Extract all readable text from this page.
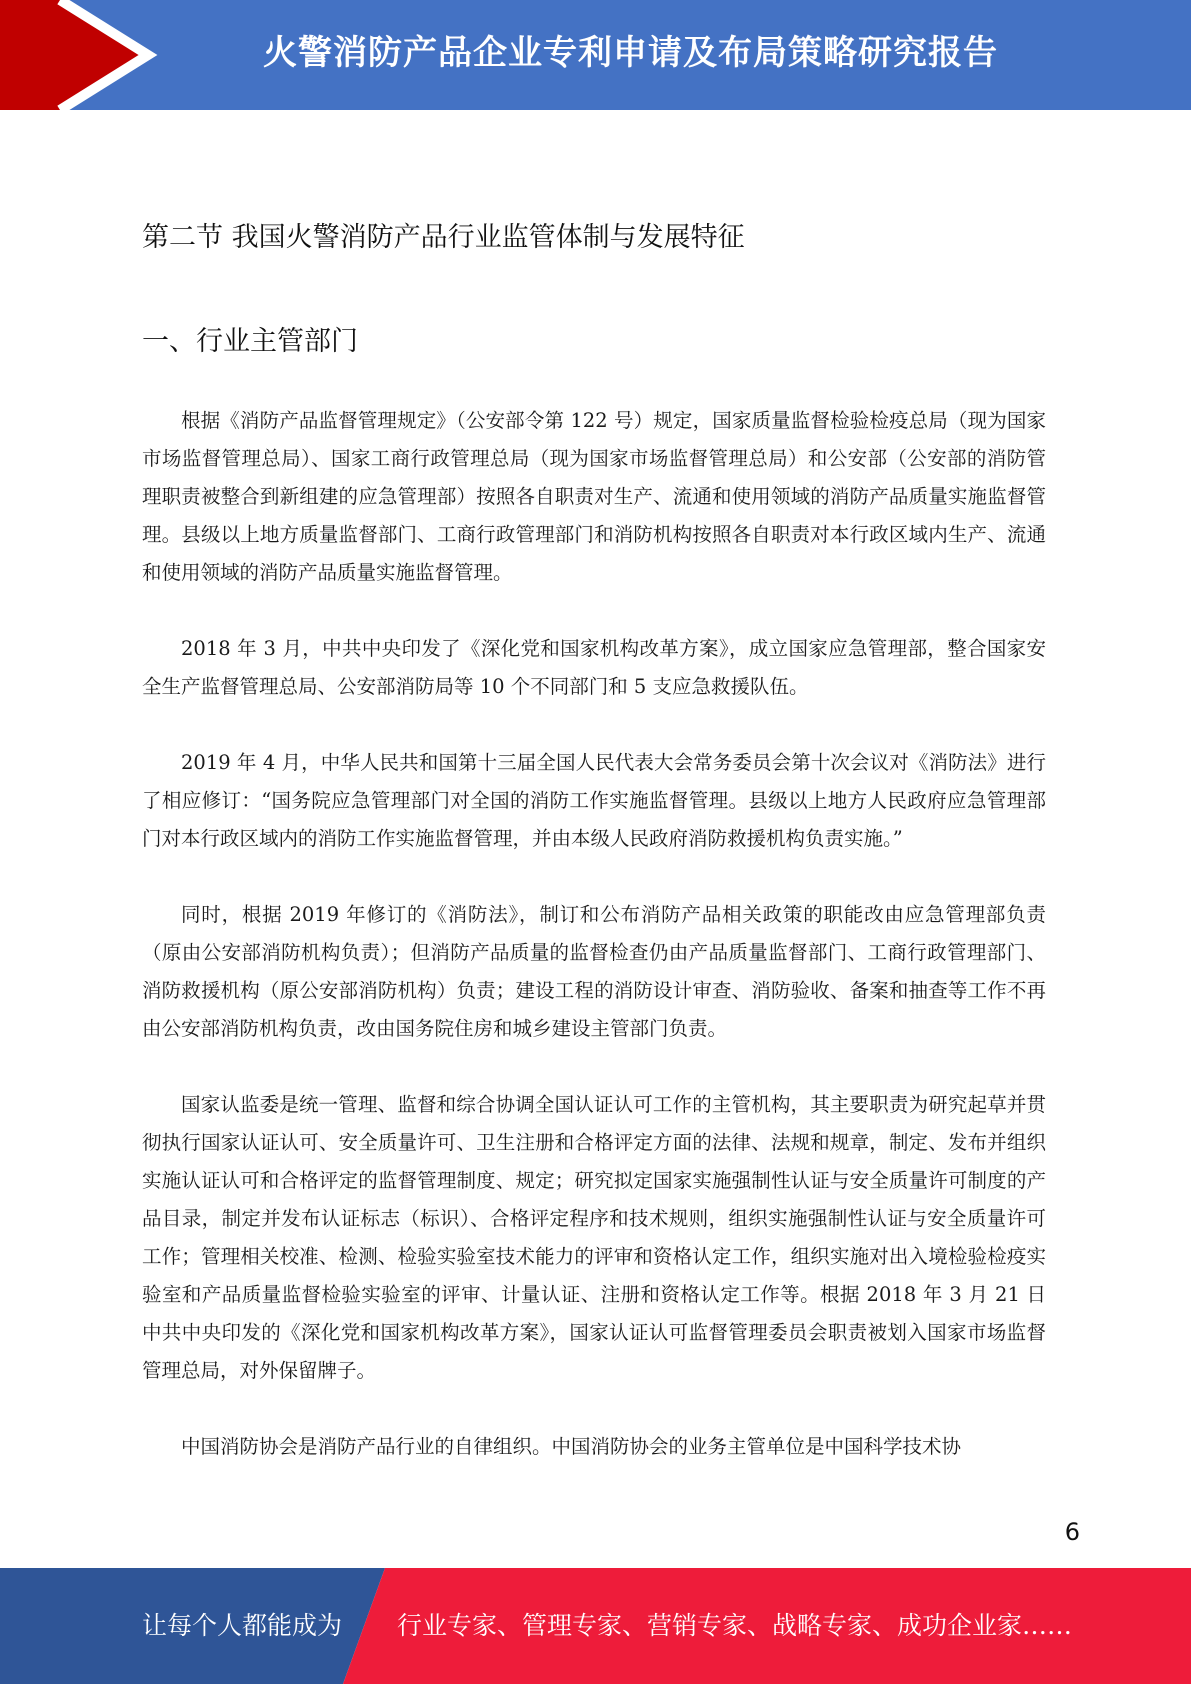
火警消防产品企业专利申请及布局策略研究报告
第二节 我国火警消防产品行业监管体制与发展特征
一、行业主管部门

根据《消防产品监督管理规定》（公安部令第 122 号）规定，国家质量监督检验检疫总局（现为国家市场监督管理总局）、国家工商行政管理总局（现为国家市场监督管理总局）和公安部（公安部的消防管理职责被整合到新组建的应急管理部）按照各自职责对生产、流通和使用领域的消防产品质量实施监督管理。县级以上地方质量监督部门、工商行政管理部门和消防机构按照各自职责对本行政区域内生产、流通和使用领域的消防产品质量实施监督管理。

2018 年 3 月，中共中央印发了《深化党和国家机构改革方案》，成立国家应急管理部，整合国家安全生产监督管理总局、公安部消防局等 10 个不同部门和 5 支应急救援队伍。

2019 年 4 月，中华人民共和国第十三届全国人民代表大会常务委员会第十次会议对《消防法》进行了相应修订：“国务院应急管理部门对全国的消防工作实施监督管理。县级以上地方人民政府应急管理部门对本行政区域内的消防工作实施监督管理，并由本级人民政府消防救援机构负责实施。”

同时，根据 2019 年修订的《消防法》，制订和公布消防产品相关政策的职能改由应急管理部负责（原由公安部消防机构负责）；但消防产品质量的监督检查仍由产品质量监督部门、工商行政管理部门、消防救援机构（原公安部消防机构）负责；建设工程的消防设计审查、消防验收、备案和抽查等工作不再由公安部消防机构负责，改由国务院住房和城乡建设主管部门负责。

国家认监委是统一管理、监督和综合协调全国认证认可工作的主管机构，其主要职责为研究起草并贯彻执行国家认证认可、安全质量许可、卫生注册和合格评定方面的法律、法规和规章，制定、发布并组织实施认证认可和合格评定的监督管理制度、规定；研究拟定国家实施强制性认证与安全质量许可制度的产品目录，制定并发布认证标志（标识）、合格评定程序和技术规则，组织实施强制性认证与安全质量许可工作；管理相关校准、检测、检验实验室技术能力的评审和资格认定工作，组织实施对出入境检验检疫实验室和产品质量监督检验实验室的评审、计量认证、注册和资格认定工作等。根据 2018 年 3 月 21 日中共中央印发的《深化党和国家机构改革方案》，国家认证认可监督管理委员会职责被划入国家市场监督管理总局，对外保留牌子。

中国消防协会是消防产品行业的自律组织。中国消防协会的业务主管单位是中国科学技术协

6
让每个人都能成为 行业专家、管理专家、营销专家、战略专家、成功企业家……
